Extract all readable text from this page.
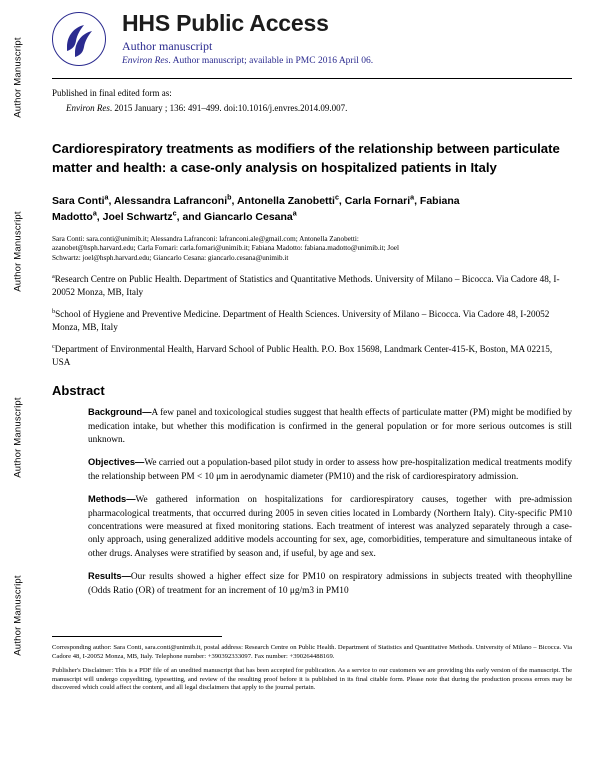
Author Manuscript
Author Manuscript
Author Manuscript
Author Manuscript
HHS Public Access
Author manuscript
Environ Res. Author manuscript; available in PMC 2016 April 06.
Published in final edited form as:
Environ Res. 2015 January ; 136: 491–499. doi:10.1016/j.envres.2014.09.007.
Cardiorespiratory treatments as modifiers of the relationship between particulate matter and health: a case-only analysis on hospitalized patients in Italy
Sara Conti$^a$, Alessandra Lafranconi$^b$, Antonella Zanobetti$^c$, Carla Fornari$^a$, Fabiana
Madotto$^a$, Joel Schwartz$^c$, and Giancarlo Cesana$^a$
Sara Conti: sara.conti@unimib.it; Alessandra Lafranconi: lafranconi.ale@gmail.com; Antonella Zanobetti:
azanobet@hsph.harvard.edu; Carla Fornari: carla.fornari@unimib.it; Fabiana Madotto: fabiana.madotto@unimib.it; Joel
Schwartz: joel@hsph.harvard.edu; Giancarlo Cesana: giancarlo.cesana@unimib.it

$^a$Research Centre on Public Health. Department of Statistics and Quantitative Methods. University of Milano – Bicocca. Via Cadore 48, I-20052 Monza, MB, Italy

$^b$School of Hygiene and Preventive Medicine. Department of Health Sciences. University of Milano – Bicocca. Via Cadore 48, I-20052 Monza, MB, Italy

$^c$Department of Environmental Health, Harvard School of Public Health. P.O. Box 15698, Landmark Center-415-K, Boston, MA 02215, USA

Abstract

Background—A few panel and toxicological studies suggest that health effects of particulate matter (PM) might be modified by medication intake, but whether this modification is confirmed in the general population or for more serious outcomes is still unknown.

Objectives—We carried out a population-based pilot study in order to assess how pre-hospitalization medical treatments modify the relationship between PM < 10 μm in aerodynamic diameter (PM10) and the risk of cardiorespiratory admission.

Methods—We gathered information on hospitalizations for cardiorespiratory causes, together with pre-admission pharmacological treatments, that occurred during 2005 in seven cities located in Lombardy (Northern Italy). City-specific PM10 concentrations were measured at fixed monitoring stations. Each treatment of interest was analyzed separately through a case-only approach, using generalized additive models accounting for sex, age, comorbidities, temperature and simultaneous intake of other drugs. Analyses were stratified by season and, if useful, by age and sex.

Results—Our results showed a higher effect size for PM10 on respiratory admissions in subjects treated with theophylline (Odds Ratio (OR) of treatment for an increment of 10 μg/m3 in PM10

Corresponding author: Sara Conti, sara.conti@unimib.it, postal address: Research Centre on Public Health. Department of Statistics and Quantitative Methods. University of Milano – Bicocca. Via Cadore 48, I-20052 Monza, MB, Italy. Telephone number: +390392333097. Fax number: +390264488169.

Publisher's Disclaimer: This is a PDF file of an unedited manuscript that has been accepted for publication. As a service to our customers we are providing this early version of the manuscript. The manuscript will undergo copyediting, typesetting, and review of the resulting proof before it is published in its final citable form. Please note that during the production process errors may be discovered which could affect the content, and all legal disclaimers that apply to the journal pertain.
